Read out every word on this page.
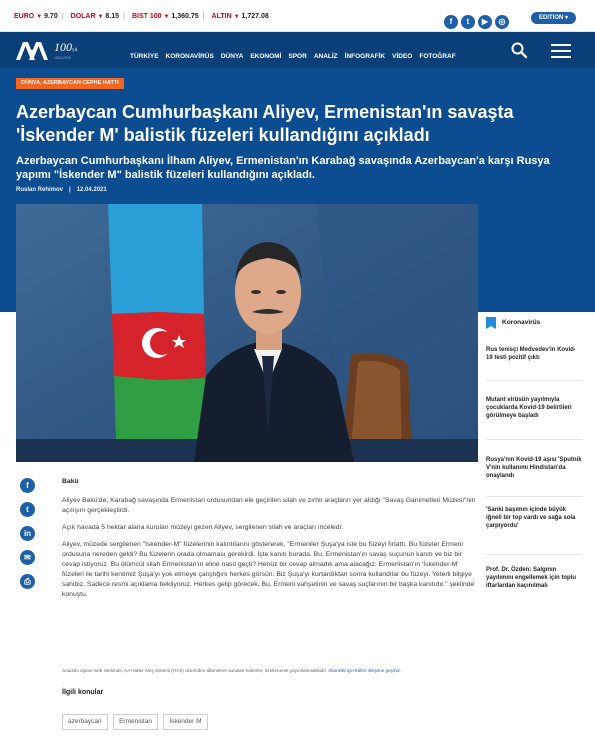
EURO ▼ 9.70 | DOLAR ▼ 8.15 | BIST 100 ▼ 1,360.75 | ALTIN ▼ 1,727.08
f t ▶ ◎	EDITION ▾
100yıl
1920-2020	TÜRKİYE KORONAVİRÜS DÜNYA EKONOMİ SPOR ANALİZ İNFOGRAFİK VİDEO FOTOĞRAF
DÜNYA, AZERBAYCAN CEPHE HATTI
Azerbaycan Cumhurbaşkanı Aliyev, Ermenistan'ın savaşta 'İskender M' balistik füzeleri kullandığını açıkladı

Azerbaycan Cumhurbaşkanı İlham Aliyev, Ermenistan'ın Karabağ savaşında Azerbaycan'a karşı Rusya yapımı "İskender M" balistik füzeleri kullandığını açıkladı.

Ruslan Rehimov | 12.04.2021
f
t
in
✉
⎙

Bakü

Aliyev Bakü'de, Karabağ savaşında Ermenistan ordusundan ele geçirilen silah ve zırhlı araçların yer aldığı "Savaş Ganimetleri Müzesi"nin açılışını gerçekleştirdi.

Açık havada 5 hektar alana kurulan müzeyi gezen Aliyev, sergilenen silah ve araçları inceledi.

Aliyev, müzede sergilenen "İskender-M" füzelerinin kalıntılarını göstererek, "Ermeniler Şuşa'ya iste bu füzeyi fırlattı. Bu füzeler Ermeni ordusuna nereden geldi? Bu füzelerin orada olmaması gerekirdi. İşte kanıtı burada. Bu, Ermenistan'ın savaş suçunun kanıtı ve biz bir cevap istiyoruz. Bu ölümcül silah Ermenistan'ın eline nasıl geçti? Henüz bir cevap almadık ama alacağız. Ermenistan'ın 'İskender-M' füzeleri ile tarihi kentimiz Şuşa'yı yok etmeye çalıştığını herkes görsün. Biz Şuşa'yı kurtardıktan sonra kullandılar bu füzeyi. Yeterli bilgiye sahibiz. Sadece resmi açıklama bekliyoruz. Herkes gelip görecek. Bu, Ermeni vahşetinin ve savaş suçlarının bir başka kanıtıdır." şeklinde konuştu.

Anadolu Ajansı web sitesinde, AA Haber Akış Sistemi (HAS) üzerinden abonelere sunulan haberler, özetlenerek yayımlanmaktadır. Abonelik için lütfen iletişime geçiniz.
İlgili konular
azerbaycan	Ermenistan	İskender M
Koronavirüs
Rus tenisçi Medvedev'in Kovid-19 testi pozitif çıktı
Mutant virüsün yayılmıyla çocuklarda Kovid-19 belirtileri görülmeye başladı
Rusya'nın Kovid-19 aşısı 'Sputnik V'nin kullanımı Hindistan'da onaylandı
'Sanki başımın içinde büyük iğneli bir top vardı ve sağa sola çarpıyordu'
Prof. Dr. Özden: Salgının yayılımını engellemek için toplu iftarlardan kaçınılmalı
